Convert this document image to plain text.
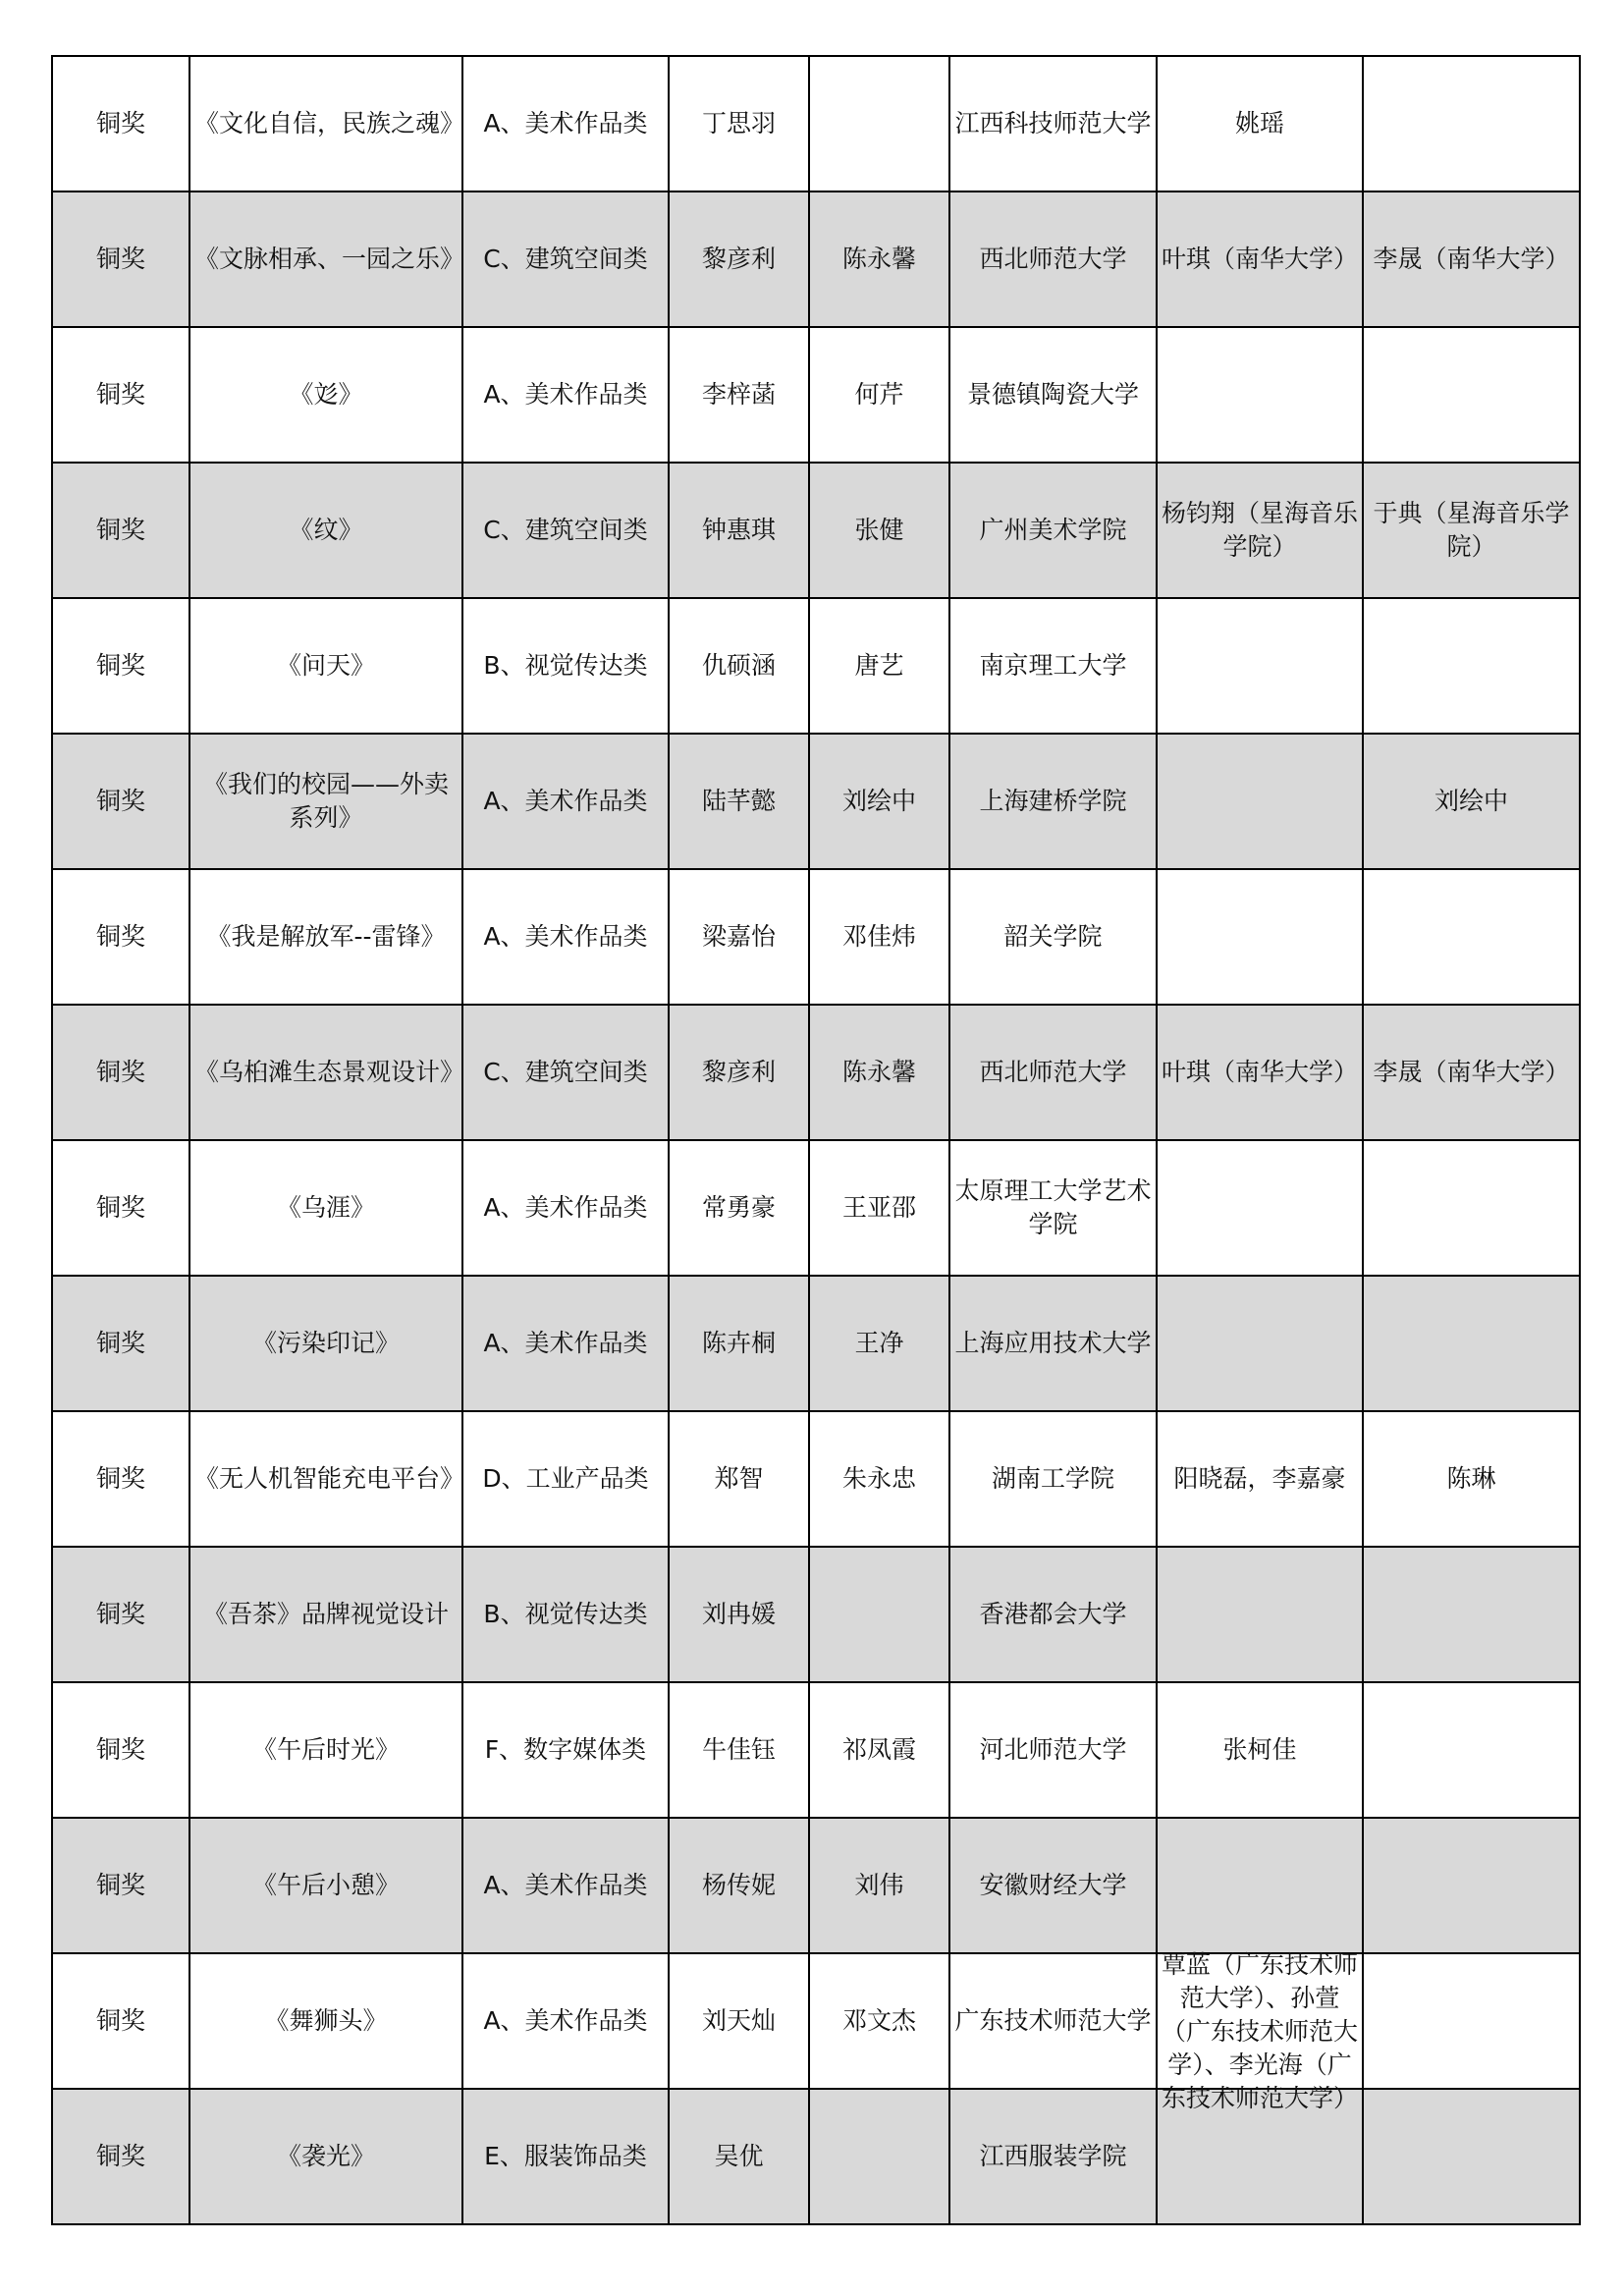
铜奖	《文化自信，民族之魂》	A、美术作品类	丁思羽		江西科技师范大学	姚瑶	
铜奖	《文脉相承、一园之乐》	C、建筑空间类	黎彦利	陈永馨	西北师范大学	叶琪（南华大学）	李晟（南华大学）
铜奖	《彣》	A、美术作品类	李梓菡	何芹	景德镇陶瓷大学		
铜奖	《纹》	C、建筑空间类	钟惠琪	张健	广州美术学院	杨钧翔（星海音乐学院）	于典（星海音乐学院）
铜奖	《问天》	B、视觉传达类	仇硕涵	唐艺	南京理工大学		
铜奖	《我们的校园——外卖系列》	A、美术作品类	陆芊懿	刘绘中	上海建桥学院		刘绘中
铜奖	《我是解放军--雷锋》	A、美术作品类	梁嘉怡	邓佳炜	韶关学院		
铜奖	《乌桕滩生态景观设计》	C、建筑空间类	黎彦利	陈永馨	西北师范大学	叶琪（南华大学）	李晟（南华大学）
铜奖	《乌涯》	A、美术作品类	常勇豪	王亚邵	太原理工大学艺术学院		
铜奖	《污染印记》	A、美术作品类	陈卉桐	王净	上海应用技术大学		
铜奖	《无人机智能充电平台》	D、工业产品类	郑智	朱永忠	湖南工学院	阳晓磊，李嘉豪	陈琳
铜奖	《吾茶》品牌视觉设计	B、视觉传达类	刘冉媛		香港都会大学		
铜奖	《午后时光》	F、数字媒体类	牛佳钰	祁凤霞	河北师范大学	张柯佳	
铜奖	《午后小憩》	A、美术作品类	杨传妮	刘伟	安徽财经大学		
铜奖	《舞狮头》	A、美术作品类	刘天灿	邓文杰	广东技术师范大学	覃蓝（广东技术师范大学）、孙萱（广东技术师范大学）、李光海（广东技术师范大学）	

铜奖	《袭光》	E、服装饰品类	吴优		江西服装学院		
